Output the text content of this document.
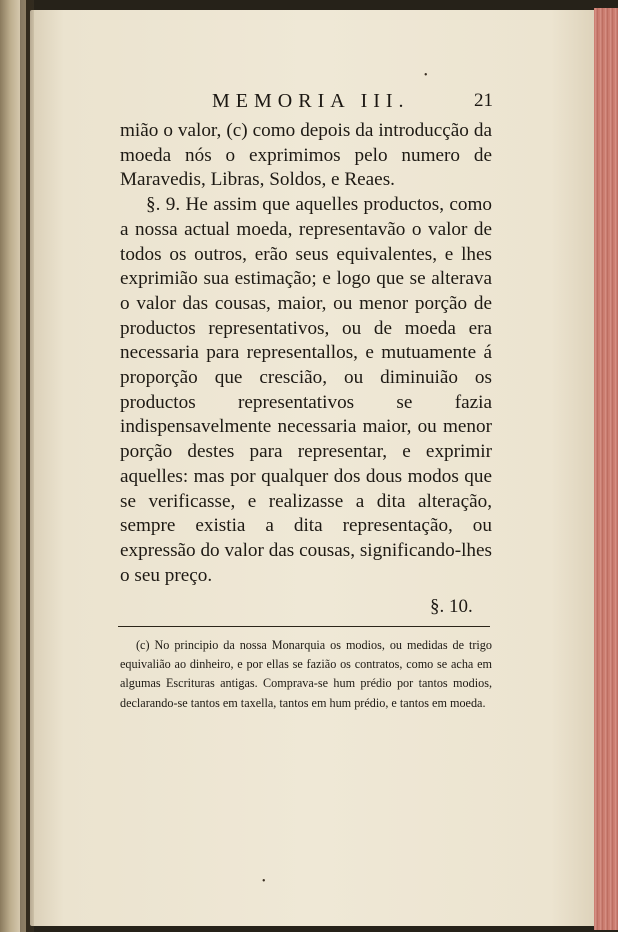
•
•
MEMORIA III.	21

mião o valor, (c) como depois da introducção da moeda nós o exprimimos pelo numero de Maravedis, Libras, Soldos, e Reaes.

§. 9. He assim que aquelles productos, como a nossa actual moeda, representavão o valor de todos os outros, erão seus equivalentes, e lhes exprimião sua estimação; e logo que se alterava o valor das cousas, maior, ou menor porção de productos representativos, ou de moeda era necessaria para representallos, e mutuamente á proporção que crescião, ou diminuião os productos representativos se fazia indispensavelmente necessaria maior, ou menor porção destes para representar, e exprimir aquelles: mas por qualquer dos dous modos que se verificasse, e realizasse a dita alteração, sempre existia a dita representação, ou expressão do valor das cousas, significando-lhes o seu preço.

§. 10.

(c) No principio da nossa Monarquia os modios, ou medidas de trigo equivalião ao dinheiro, e por ellas se fazião os contratos, como se acha em algumas Escrituras antigas. Comprava-se hum prédio por tantos modios, declarando-se tantos em taxella, tantos em hum prédio, e tantos em moeda.
